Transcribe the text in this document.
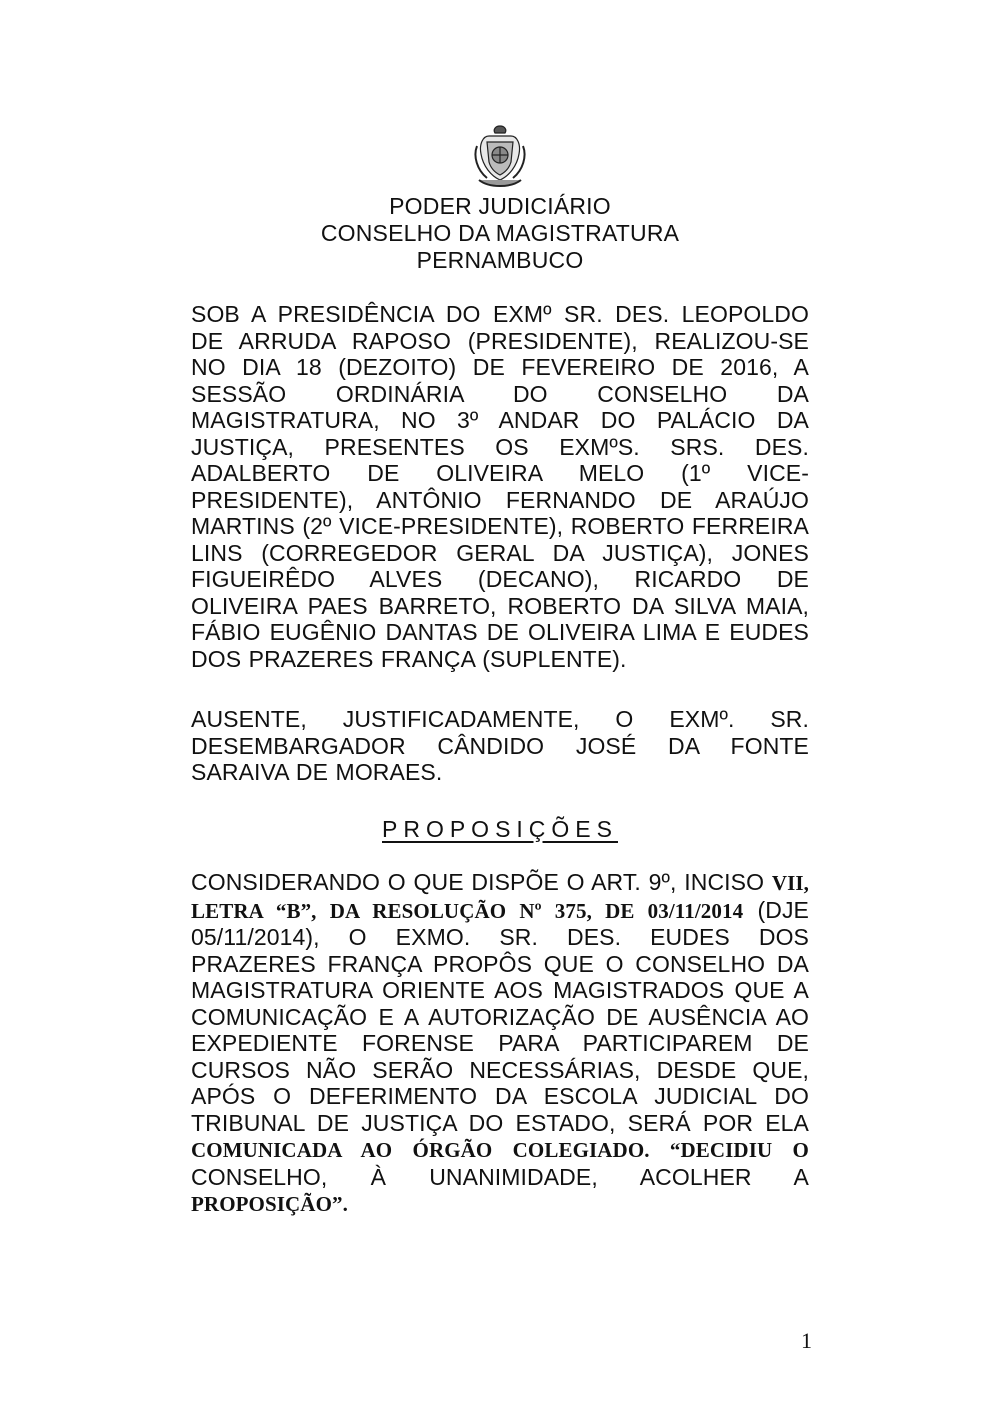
PODER JUDICIÁRIO
CONSELHO DA MAGISTRATURA
PERNAMBUCO
SOB A PRESIDÊNCIA DO EXMº SR. DES. LEOPOLDO DE ARRUDA RAPOSO (PRESIDENTE), REALIZOU-SE NO DIA 18 (DEZOITO) DE FEVEREIRO DE 2016, A SESSÃO ORDINÁRIA DO CONSELHO DA MAGISTRATURA, NO 3º ANDAR DO PALÁCIO DA JUSTIÇA, PRESENTES OS EXMºS. SRS. DES. ADALBERTO DE OLIVEIRA MELO (1º VICE-PRESIDENTE), ANTÔNIO FERNANDO DE ARAÚJO MARTINS (2º VICE-PRESIDENTE), ROBERTO FERREIRA LINS (CORREGEDOR GERAL DA JUSTIÇA), JONES FIGUEIRÊDO ALVES (DECANO), RICARDO DE OLIVEIRA PAES BARRETO, ROBERTO DA SILVA MAIA, FÁBIO EUGÊNIO DANTAS DE OLIVEIRA LIMA E EUDES DOS PRAZERES FRANÇA (SUPLENTE).
AUSENTE, JUSTIFICADAMENTE, O EXMº. SR. DESEMBARGADOR CÂNDIDO JOSÉ DA FONTE SARAIVA DE MORAES.
PROPOSIÇÕES
CONSIDERANDO O QUE DISPÕE O ART. 9º, INCISO VII, LETRA “B”, DA RESOLUÇÃO Nº 375, DE 03/11/2014 (DJE 05/11/2014), O EXMO. SR. DES. EUDES DOS PRAZERES FRANÇA PROPÔS QUE O CONSELHO DA MAGISTRATURA ORIENTE AOS MAGISTRADOS QUE A COMUNICAÇÃO E A AUTORIZAÇÃO DE AUSÊNCIA AO EXPEDIENTE FORENSE PARA PARTICIPAREM DE CURSOS NÃO SERÃO NECESSÁRIAS, DESDE QUE, APÓS O DEFERIMENTO DA ESCOLA JUDICIAL DO TRIBUNAL DE JUSTIÇA DO ESTADO, SERÁ POR ELA COMUNICADA AO ÓRGÃO COLEGIADO. “DECIDIU O CONSELHO, À UNANIMIDADE, ACOLHER A PROPOSIÇÃO”.
1
